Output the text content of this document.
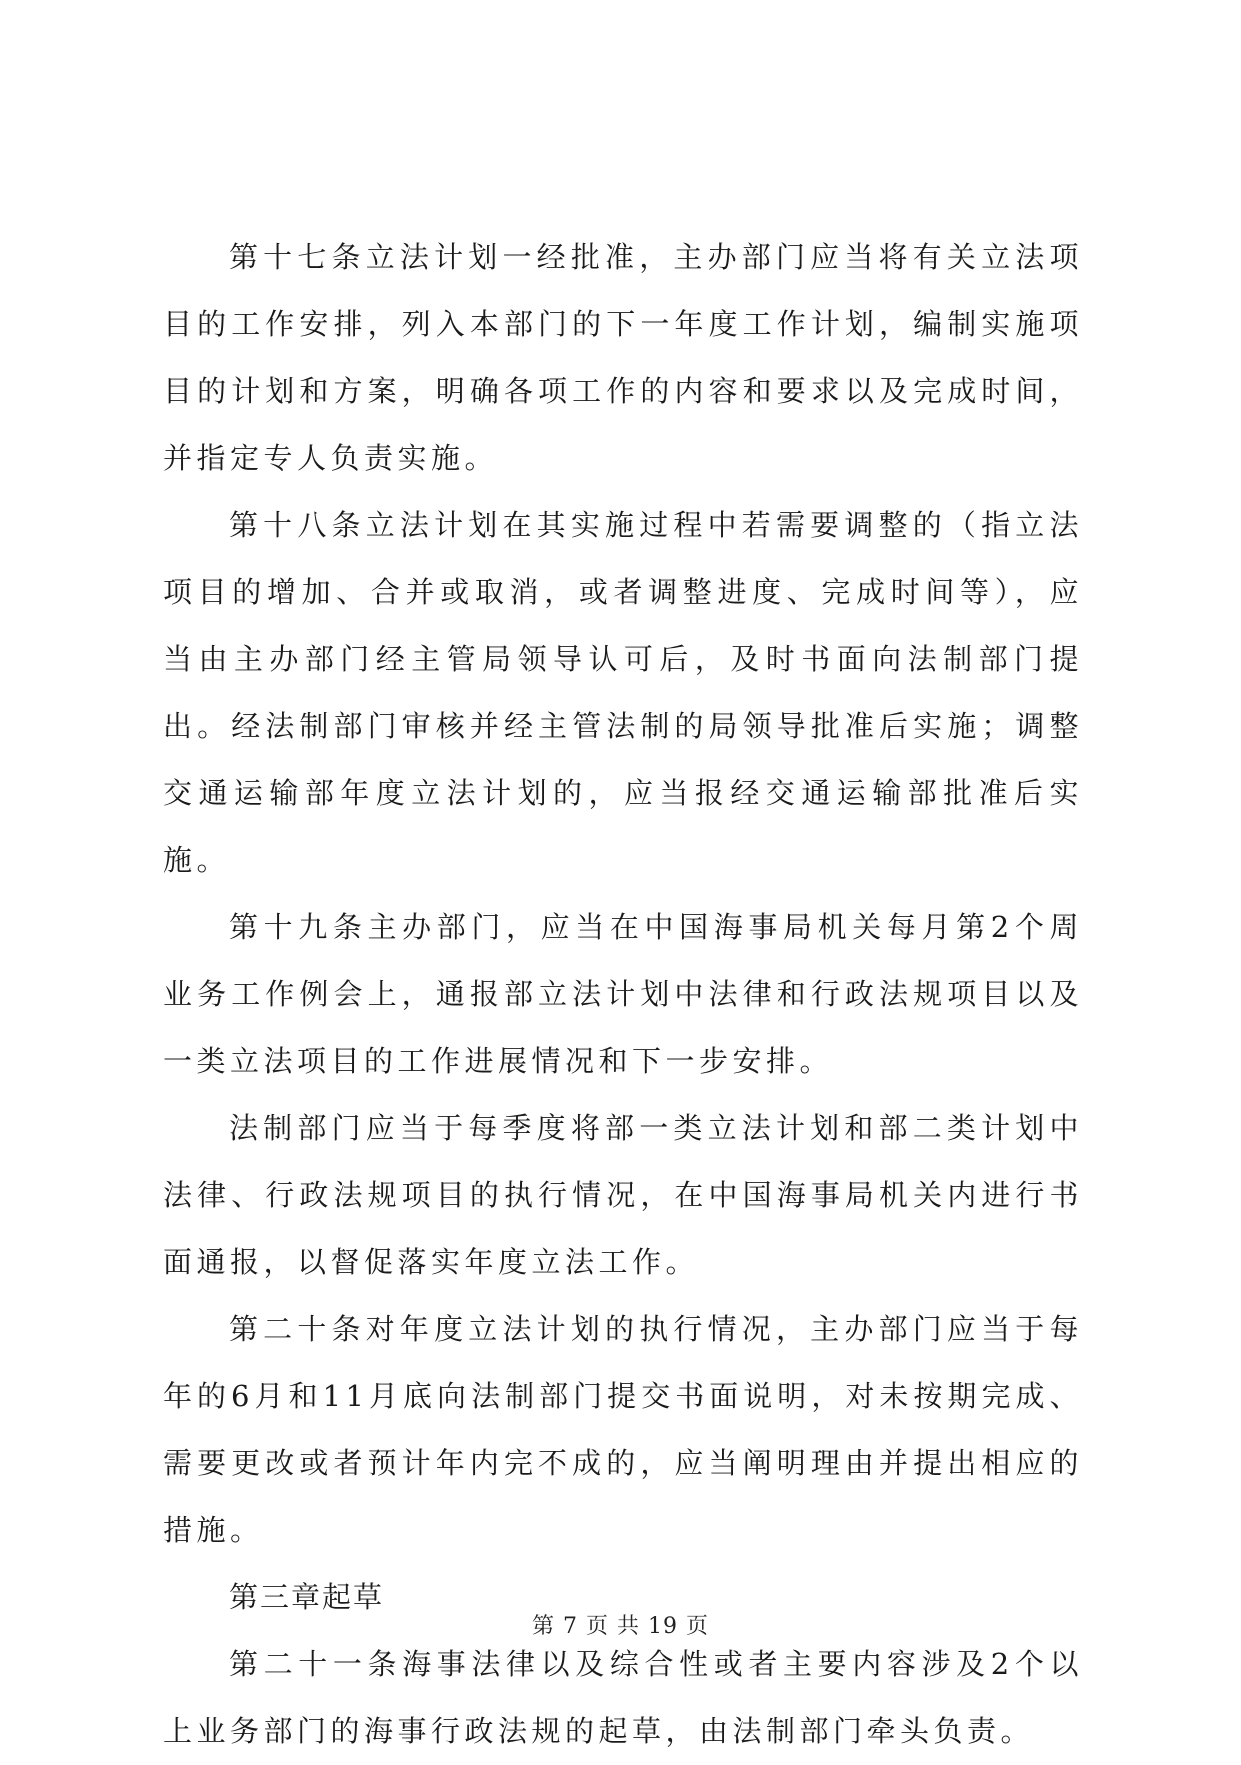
第十七条立法计划一经批准，主办部门应当将有关立法项目的工作安排，列入本部门的下一年度工作计划，编制实施项目的计划和方案，明确各项工作的内容和要求以及完成时间，并指定专人负责实施。

第十八条立法计划在其实施过程中若需要调整的（指立法项目的增加、合并或取消，或者调整进度、完成时间等），应当由主办部门经主管局领导认可后，及时书面向法制部门提出。经法制部门审核并经主管法制的局领导批准后实施；调整交通运输部年度立法计划的，应当报经交通运输部批准后实施。

第十九条主办部门，应当在中国海事局机关每月第2个周业务工作例会上，通报部立法计划中法律和行政法规项目以及一类立法项目的工作进展情况和下一步安排。

法制部门应当于每季度将部一类立法计划和部二类计划中法律、行政法规项目的执行情况，在中国海事局机关内进行书面通报，以督促落实年度立法工作。

第二十条对年度立法计划的执行情况，主办部门应当于每年的6月和11月底向法制部门提交书面说明，对未按期完成、需要更改或者预计年内完不成的，应当阐明理由并提出相应的措施。

第三章起草

第二十一条海事法律以及综合性或者主要内容涉及2个以上业务部门的海事行政法规的起草，由法制部门牵头负责。

第 7 页 共 19 页
